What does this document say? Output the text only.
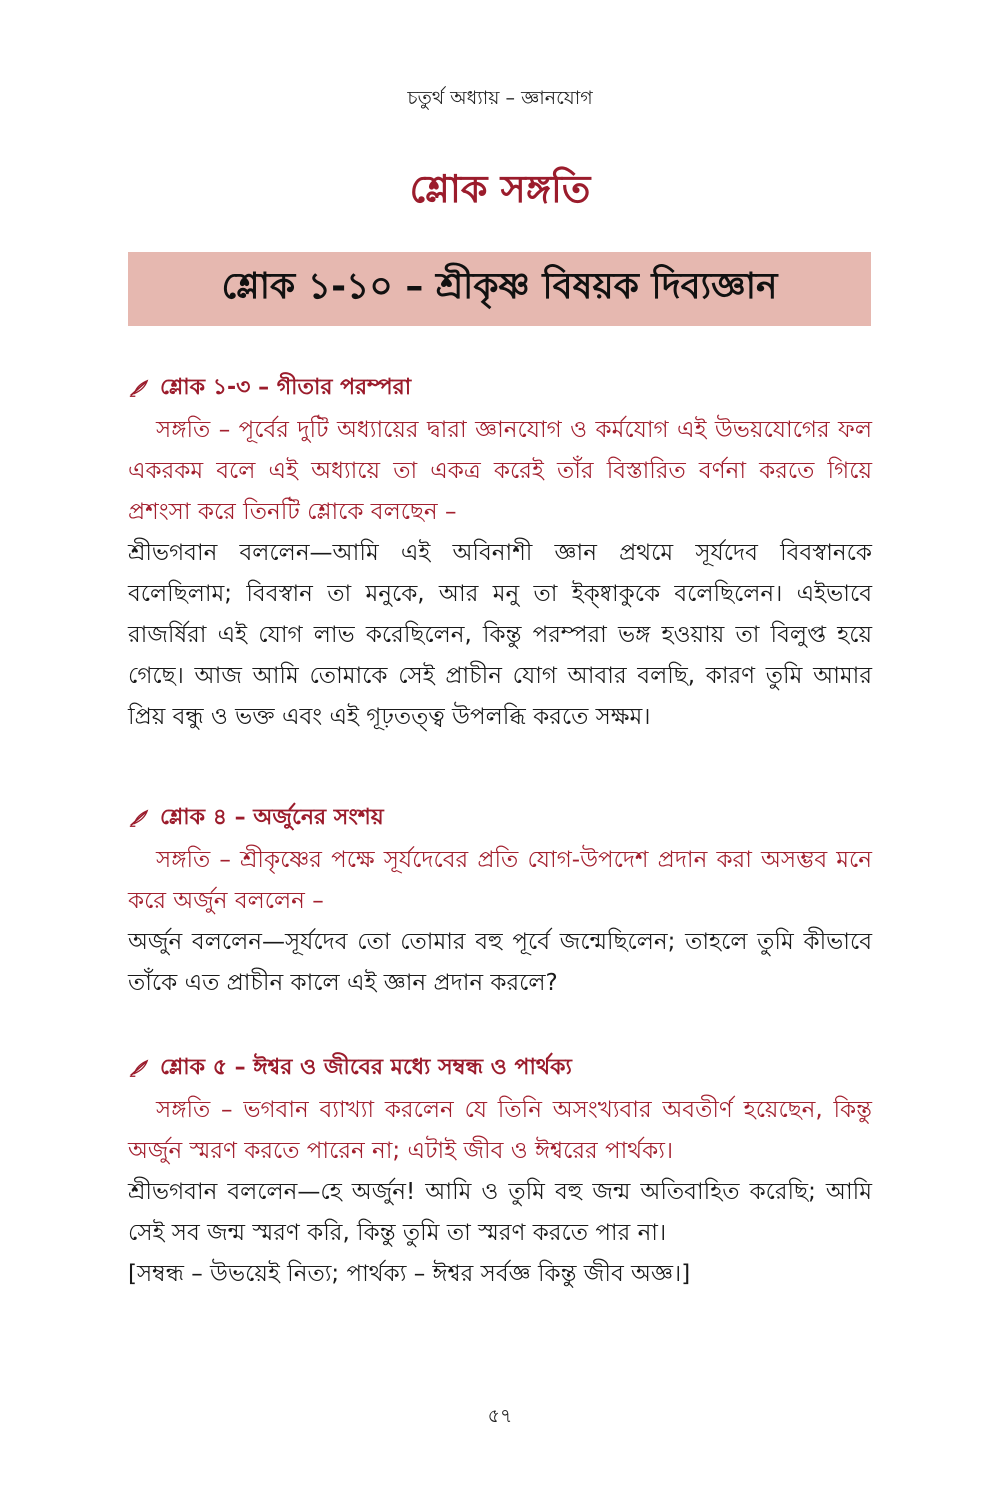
চতুর্থ অধ্যায় – জ্ঞানযোগ
শ্লোক সঙ্গতি
শ্লোক ১-১০ – শ্রীকৃষ্ণ বিষয়ক দিব্যজ্ঞান
শ্লোক ১-৩ – গীতার পরম্পরা

সঙ্গতি – পূর্বের দুটি অধ্যায়ের দ্বারা জ্ঞানযোগ ও কর্মযোগ এই উভয়যোগের ফল একরকম বলে এই অধ্যায়ে তা একত্র করেই তাঁর বিস্তারিত বর্ণনা করতে গিয়ে প্রশংসা করে তিনটি শ্লোকে বলছেন –

শ্রীভগবান বললেন—আমি এই অবিনাশী জ্ঞান প্রথমে সূর্যদেব বিবস্বানকে বলেছিলাম; বিবস্বান তা মনুকে, আর মনু তা ইক্ষ্বাকুকে বলেছিলেন। এইভাবে রাজর্ষিরা এই যোগ লাভ করেছিলেন, কিন্তু পরম্পরা ভঙ্গ হওয়ায় তা বিলুপ্ত হয়ে গেছে। আজ আমি তোমাকে সেই প্রাচীন যোগ আবার বলছি, কারণ তুমি আমার প্রিয় বন্ধু ও ভক্ত এবং এই গূঢ়তত্ত্ব উপলব্ধি করতে সক্ষম।

শ্লোক ৪ – অর্জুনের সংশয়

সঙ্গতি – শ্রীকৃষ্ণের পক্ষে সূর্যদেবের প্রতি যোগ-উপদেশ প্রদান করা অসম্ভব মনে করে অর্জুন বললেন –

অর্জুন বললেন—সূর্যদেব তো তোমার বহু পূর্বে জন্মেছিলেন; তাহলে তুমি কীভাবে তাঁকে এত প্রাচীন কালে এই জ্ঞান প্রদান করলে?

শ্লোক ৫ – ঈশ্বর ও জীবের মধ্যে সম্বন্ধ ও পার্থক্য

সঙ্গতি – ভগবান ব্যাখ্যা করলেন যে তিনি অসংখ্যবার অবতীর্ণ হয়েছেন, কিন্তু অর্জুন স্মরণ করতে পারেন না; এটাই জীব ও ঈশ্বরের পার্থক্য।

শ্রীভগবান বললেন—হে অর্জুন! আমি ও তুমি বহু জন্ম অতিবাহিত করেছি; আমি সেই সব জন্ম স্মরণ করি, কিন্তু তুমি তা স্মরণ করতে পার না।

[সম্বন্ধ – উভয়েই নিত্য; পার্থক্য – ঈশ্বর সর্বজ্ঞ কিন্তু জীব অজ্ঞ।]

৫৭
